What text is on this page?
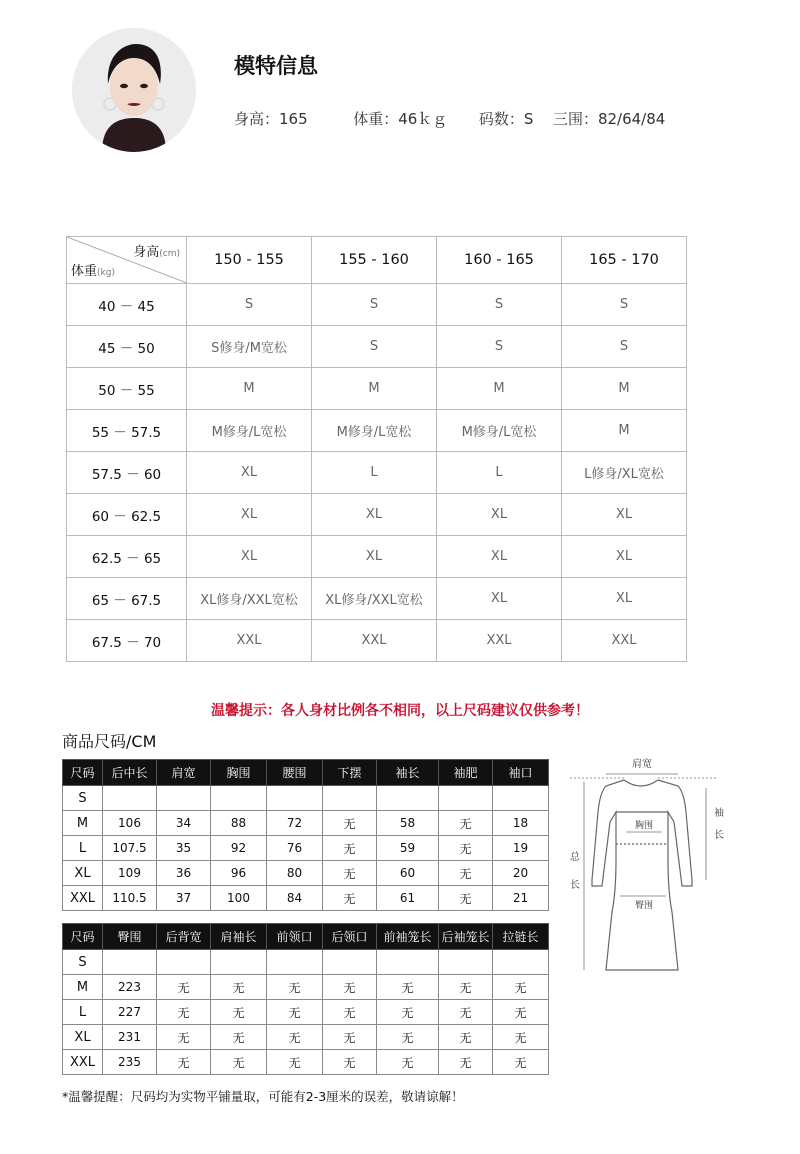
模特信息
身高：165	体重：46ｋｇ 码数：S 三围：82/64/84
身高(cm)
体重(kg)	150 - 155	155 - 160	160 - 165	165 - 170
40 － 45	S	S	S	S
45 － 50	S修身/M宽松	S	S	S
50 － 55	M	M	M	M
55 － 57.5	M修身/L宽松	M修身/L宽松	M修身/L宽松	M
57.5 － 60	XL	L	L	L修身/XL宽松
60 － 62.5	XL	XL	XL	XL
62.5 － 65	XL	XL	XL	XL
65 － 67.5	XL修身/XXL宽松	XL修身/XXL宽松	XL	XL
67.5 － 70	XXL	XXL	XXL	XXL
温馨提示：各人身材比例各不相同，以上尺码建议仅供参考！
商品尺码/CM
尺码	后中长	肩宽	胸围	腰围	下摆	袖长	袖肥	袖口
S								
M	106	34	88	72	无	58	无	18
L	107.5	35	92	76	无	59	无	19
XL	109	36	96	80	无	60	无	20
XXL	110.5	37	100	84	无	61	无	21
尺码	臀围	后背宽	肩袖长	前领口	后领口	前袖笼长	后袖笼长	拉链长
S								
M	223	无	无	无	无	无	无	无
L	227	无	无	无	无	无	无	无
XL	231	无	无	无	无	无	无	无
XXL	235	无	无	无	无	无	无	无
肩宽
袖
长
总
长
胸围
臀围
*温馨提醒：尺码均为实物平铺量取，可能有2-3厘米的误差，敬请谅解！
